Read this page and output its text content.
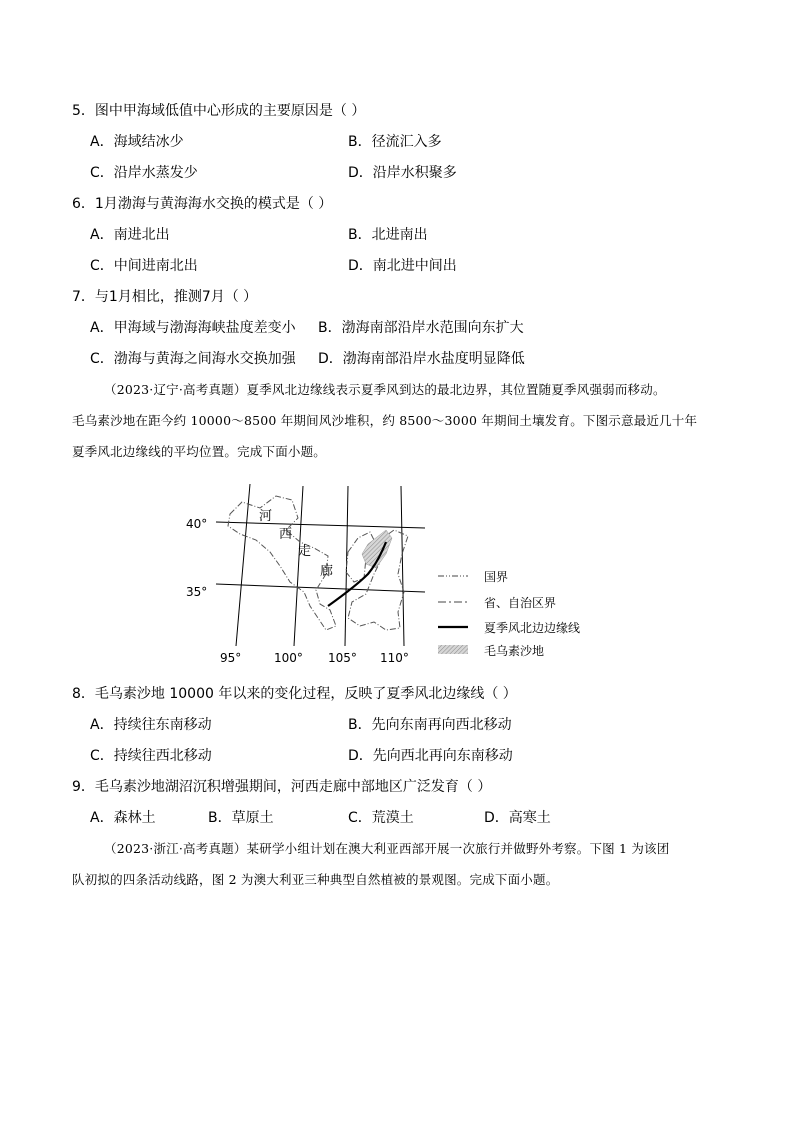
5．图中甲海域低值中心形成的主要原因是（ ）
A．海域结冰少	B．径流汇入多
C．沿岸水蒸发少	D．沿岸水积聚多
6．1月渤海与黄海海水交换的模式是（ ）
A．南进北出	B．北进南出
C．中间进南北出	D．南北进中间出
7．与1月相比，推测7月（ ）
A．甲海域与渤海海峡盐度差变小 B．渤海南部沿岸水范围向东扩大
C．渤海与黄海之间海水交换加强 D．渤海南部沿岸水盐度明显降低
（2023·辽宁·高考真题）夏季风北边缘线表示夏季风到达的最北边界，其位置随夏季风强弱而移动。
毛乌素沙地在距今约 10000～8500 年期间风沙堆积，约 8500～3000 年期间土壤发育。下图示意最近几十年
夏季风北边缘线的平均位置。完成下面小题。
河
西
走
廊
40°
35°
95°	100° 105° 110°
国界
省、自治区界
夏季风北边边缘线
毛乌素沙地
8．毛乌素沙地 10000 年以来的变化过程，反映了夏季风北边缘线（ ）
A．持续往东南移动	B．先向东南再向西北移动
C．持续往西北移动	D．先向西北再向东南移动
9．毛乌素沙地湖沼沉积增强期间，河西走廊中部地区广泛发育（ ）
A．森林土	B．草原土	C．荒漠土	D．高寒土
（2023·浙江·高考真题）某研学小组计划在澳大利亚西部开展一次旅行并做野外考察。下图 1 为该团
队初拟的四条活动线路，图 2 为澳大利亚三种典型自然植被的景观图。完成下面小题。
